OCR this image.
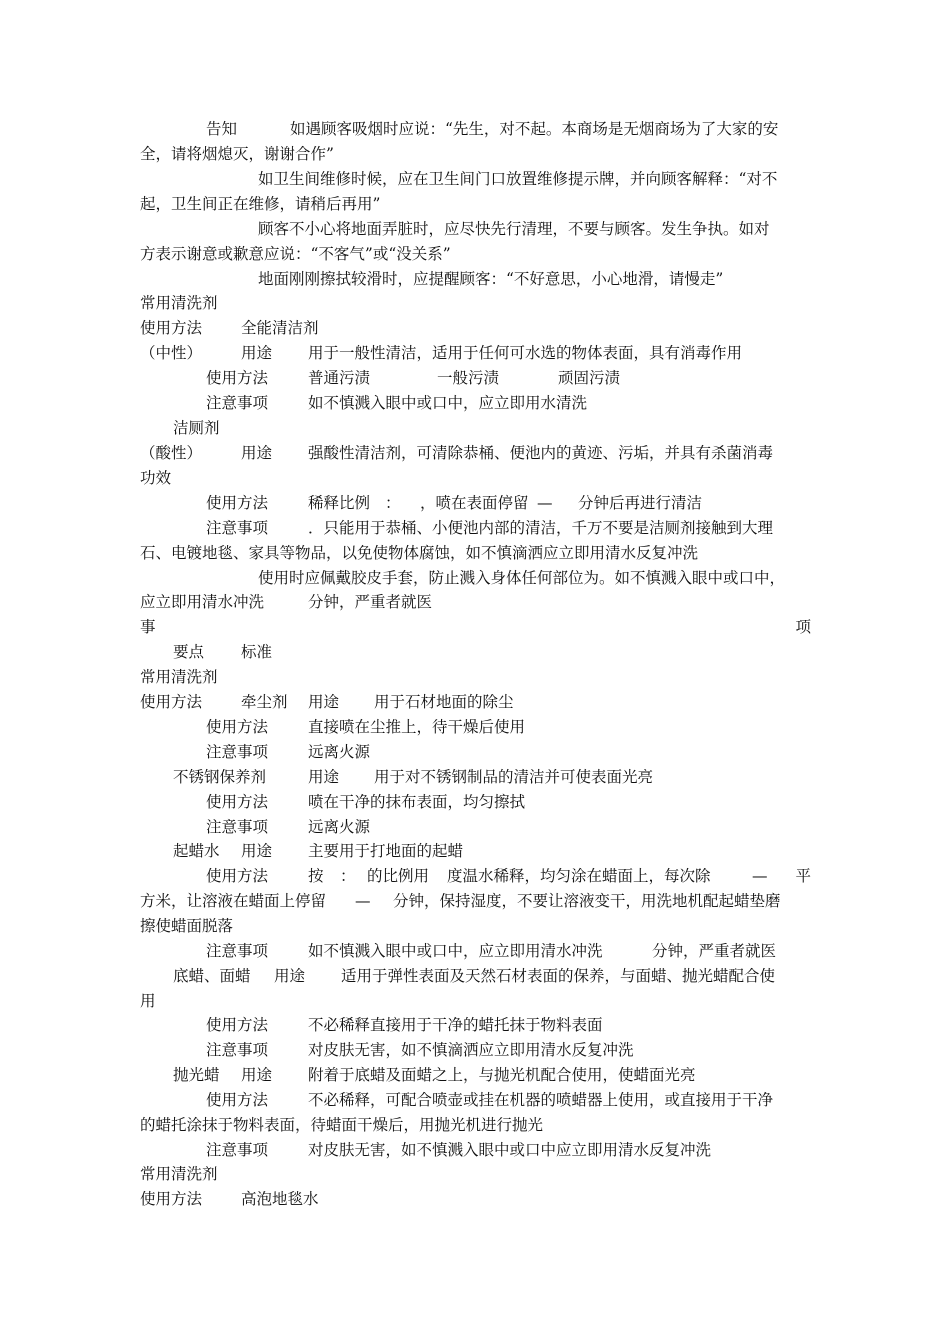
告知	如遇顾客吸烟时应说：“先生，对不起。本商场是无烟商场为了大家的安
全，请将烟熄灭，谢谢合作”
如卫生间维修时候，应在卫生间门口放置维修提示牌，并向顾客解释：“对不
起，卫生间正在维修，请稍后再用”
顾客不小心将地面弄脏时，应尽快先行清理，不要与顾客。发生争执。如对
方表示谢意或歉意应说：“不客气”或“没关系”
地面刚刚擦拭较滑时，应提醒顾客：“不好意思，小心地滑，请慢走”
常用清洗剂
使用方法	全能清洁剂
（中性）	用途 用于一般性清洁，适用于任何可水选的物体表面，具有消毒作用
使用方法	普通污渍	一般污渍	顽固污渍
注意事项	如不慎溅入眼中或口中，应立即用水清洗
洁厕剂
（酸性）	用途 强酸性清洁剂，可清除恭桶、便池内的黄迹、污垢，并具有杀菌消毒
功效
使用方法	稀释比例 ： ，喷在表面停留 — 分钟后再进行清洁
注意事项	．只能用于恭桶、小便池内部的清洁，千万不要是洁厕剂接触到大理
石、电镀地毯、家具等物品，以免使物体腐蚀，如不慎滴洒应立即用清水反复冲洗
使用时应佩戴胶皮手套，防止溅入身体任何部位为。如不慎溅入眼中或口中，
应立即用清水冲洗	分钟，严重者就医
事	项
要点 标准
常用清洗剂
使用方法	牵尘剂 用途 用于石材地面的除尘
使用方法	直接喷在尘推上，待干燥后使用
注意事项	远离火源
不锈钢保养剂	用途 用于对不锈钢制品的清洁并可使表面光亮
使用方法	喷在干净的抹布表面，均匀擦拭
注意事项	远离火源
起蜡水 用途 主要用于打地面的起蜡
使用方法	按 ： 的比例用 度温水稀释，均匀涂在蜡面上，每次除	— 平
方米，让溶液在蜡面上停留 — 分钟，保持湿度，不要让溶液变干，用洗地机配起蜡垫磨
擦使蜡面脱落
注意事项	如不慎溅入眼中或口中，应立即用清水冲洗	分钟，严重者就医
底蜡、面蜡 用途 适用于弹性表面及天然石材表面的保养，与面蜡、抛光蜡配合使
用
使用方法	不必稀释直接用于干净的蜡托抹于物料表面
注意事项	对皮肤无害，如不慎滴洒应立即用清水反复冲洗
抛光蜡 用途 附着于底蜡及面蜡之上，与抛光机配合使用，使蜡面光亮
使用方法	不必稀释，可配合喷壶或挂在机器的喷蜡器上使用，或直接用于干净
的蜡托涂抹于物料表面，待蜡面干燥后，用抛光机进行抛光
注意事项	对皮肤无害，如不慎溅入眼中或口中应立即用清水反复冲洗
常用清洗剂
使用方法	高泡地毯水
